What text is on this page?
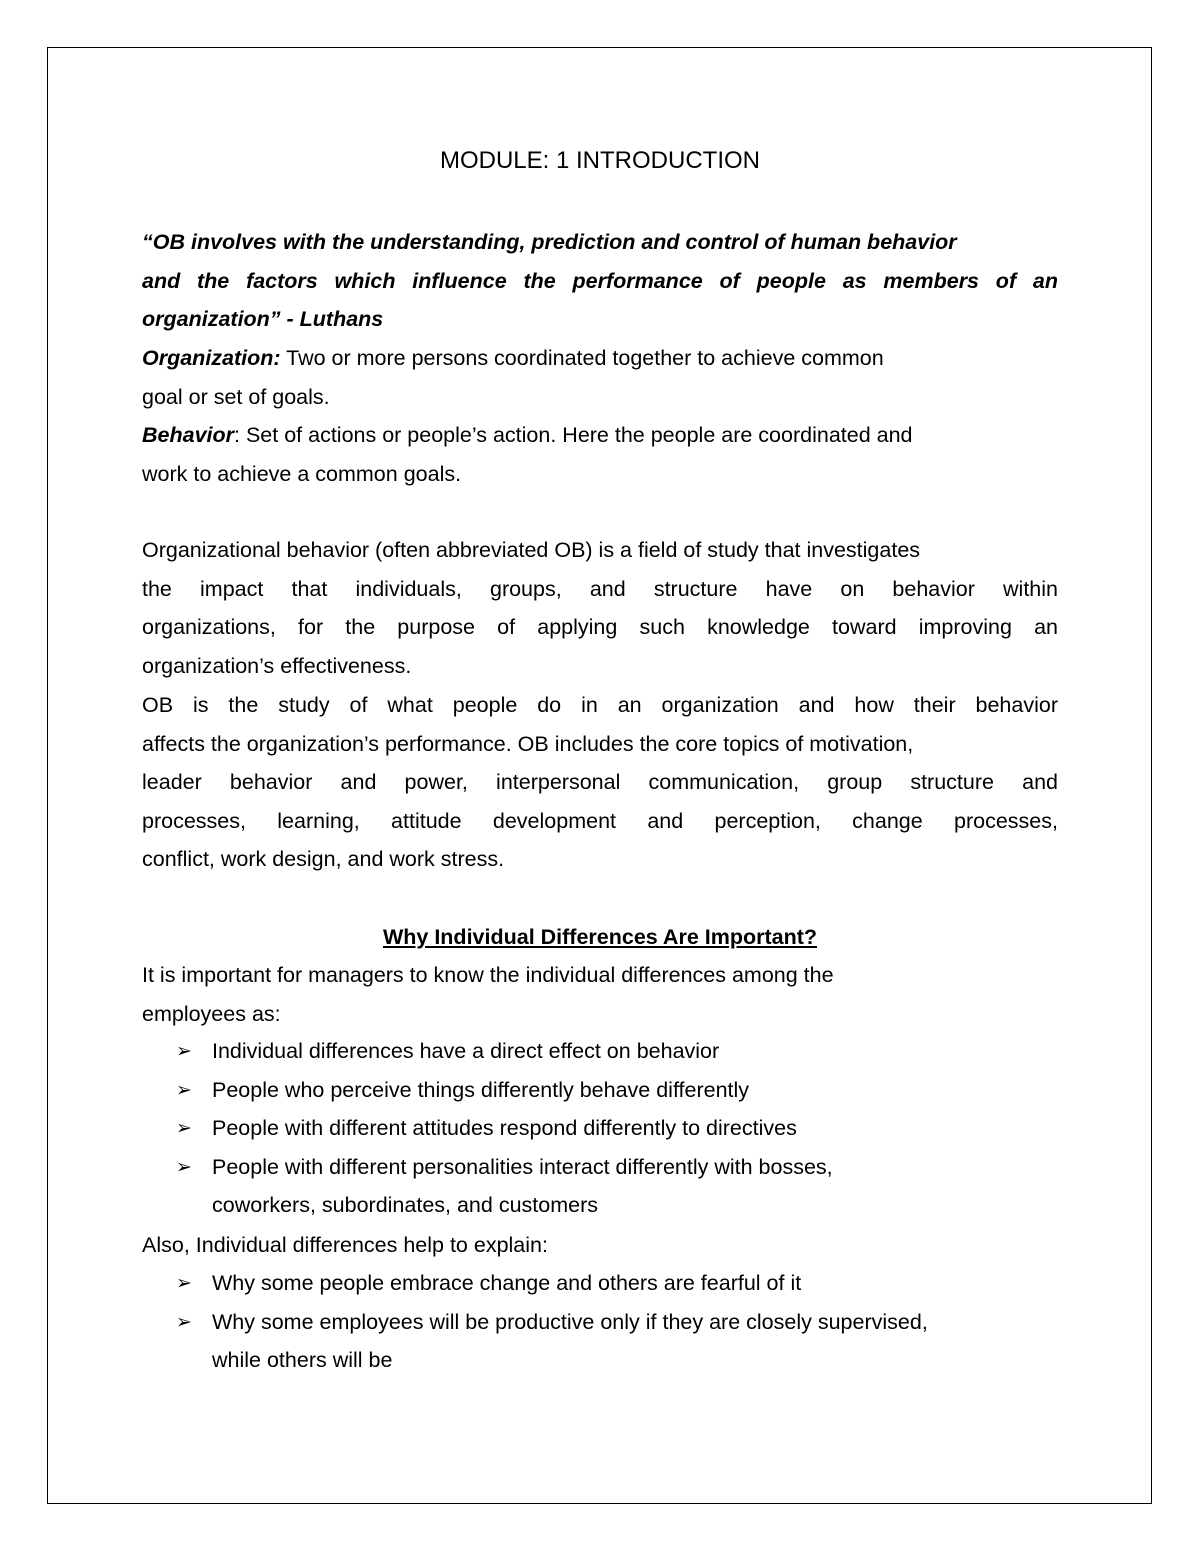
MODULE: 1 INTRODUCTION
“OB involves with the understanding, prediction and control of human behavior
and the factors which influence the performance of people as members of an
organization” - Luthans
Organization: Two or more persons coordinated together to achieve common
goal or set of goals.
Behavior: Set of actions or people’s action. Here the people are coordinated and
work to achieve a common goals.
Organizational behavior (often abbreviated OB) is a field of study that investigates
the impact that individuals, groups, and structure have on behavior within
organizations, for the purpose of applying such knowledge toward improving an
organization’s effectiveness.
OB is the study of what people do in an organization and how their behavior
affects the organization’s performance. OB includes the core topics of motivation,
leader behavior and power, interpersonal communication, group structure and
processes, learning, attitude development and perception, change processes,
conflict, work design, and work stress.
Why Individual Differences Are Important?
It is important for managers to know the individual differences among the
employees as:
➢ Individual differences have a direct effect on behavior
➢ People who perceive things differently behave differently
➢ People with different attitudes respond differently to directives
➢ People with different personalities interact differently with bosses,
coworkers, subordinates, and customers
Also, Individual differences help to explain:
➢ Why some people embrace change and others are fearful of it
➢ Why some employees will be productive only if they are closely supervised,
while others will be
